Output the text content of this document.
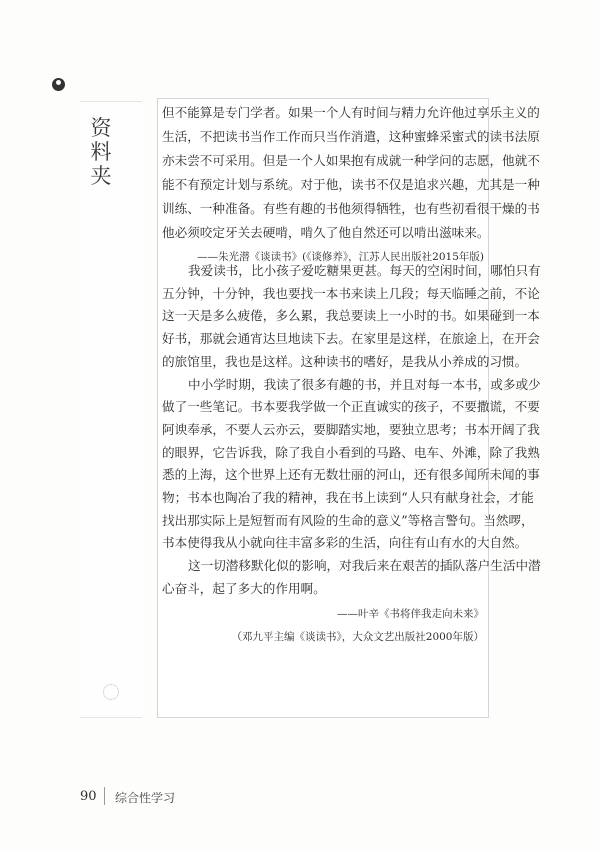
资料夹
但不能算是专门学者。如果一个人有时间与精力允许他过享乐主义的
生活，不把读书当作工作而只当作消遣，这种蜜蜂采蜜式的读书法原
亦未尝不可采用。但是一个人如果抱有成就一种学问的志愿，他就不
能不有预定计划与系统。对于他，读书不仅是追求兴趣，尤其是一种
训练、一种准备。有些有趣的书他须得牺牲，也有些初看很干燥的书
他必须咬定牙关去硬啃，啃久了他自然还可以啃出滋味来。
——朱光潜《谈读书》(《谈修养》，江苏人民出版社2015年版)
我爱读书，比小孩子爱吃糖果更甚。每天的空闲时间，哪怕只有
五分钟，十分钟，我也要找一本书来读上几段；每天临睡之前，不论
这一天是多么疲倦，多么累，我总要读上一小时的书。如果碰到一本
好书，那就会通宵达旦地读下去。在家里是这样，在旅途上，在开会
的旅馆里，我也是这样。这种读书的嗜好，是我从小养成的习惯。
中小学时期，我读了很多有趣的书，并且对每一本书，或多或少
做了一些笔记。书本要我学做一个正直诚实的孩子，不要撒谎，不要
阿谀奉承，不要人云亦云，要脚踏实地，要独立思考；书本开阔了我
的眼界，它告诉我，除了我自小看到的马路、电车、外滩，除了我熟
悉的上海，这个世界上还有无数壮丽的河山，还有很多闻所未闻的事
物；书本也陶冶了我的精神，我在书上读到“人只有献身社会，才能
找出那实际上是短暂而有风险的生命的意义”等格言警句。当然啰，
书本使得我从小就向往丰富多彩的生活，向往有山有水的大自然。
这一切潜移默化似的影响，对我后来在艰苦的插队落户生活中潜
心奋斗，起了多大的作用啊。
——叶辛《书将伴我走向未来》
（邓九平主编《谈读书》，大众文艺出版社2000年版）
90 综合性学习
